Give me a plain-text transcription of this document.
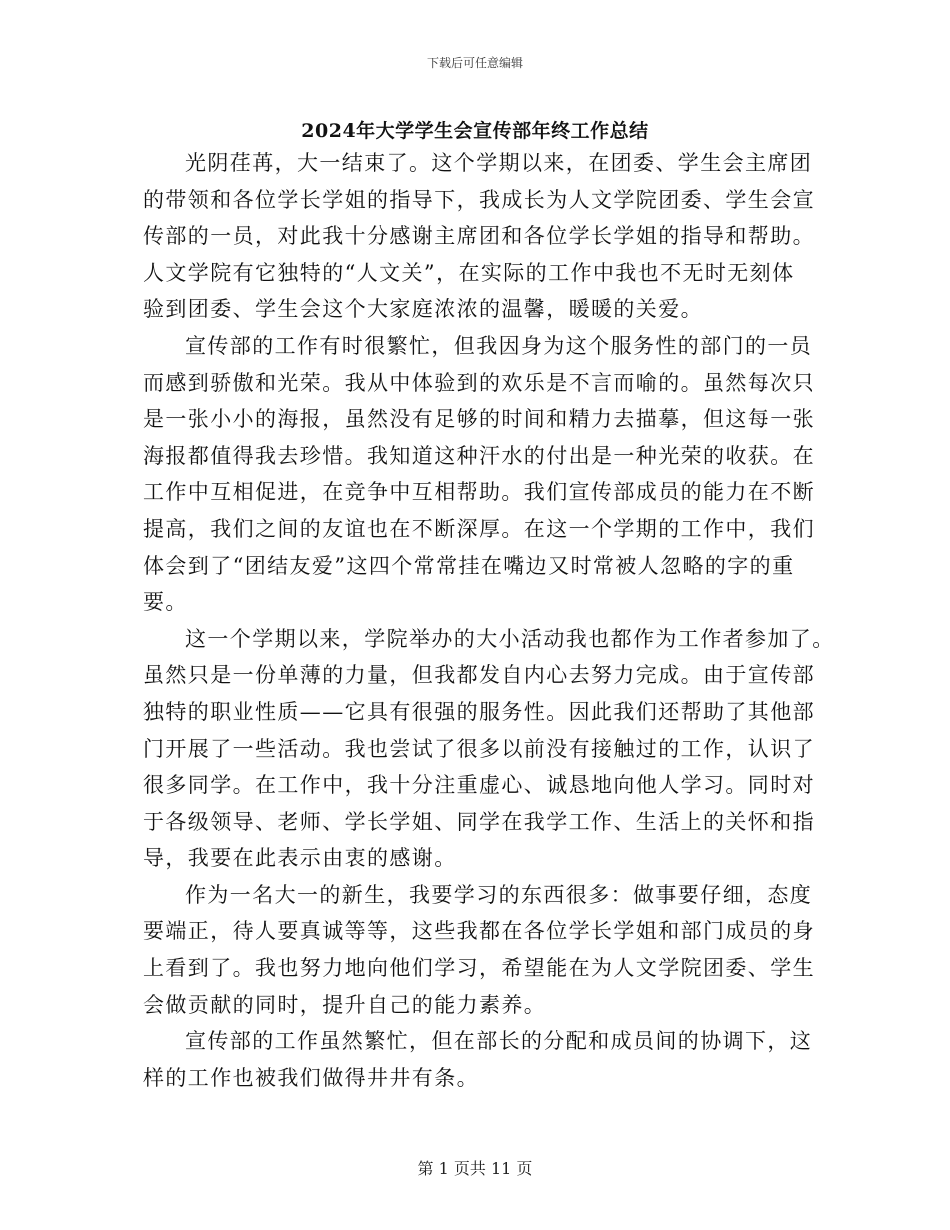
下载后可任意编辑
2024年大学学生会宣传部年终工作总结

光阴荏苒，大一结束了。这个学期以来，在团委、学生会主席团
的带领和各位学长学姐的指导下，我成长为人文学院团委、学生会宣
传部的一员，对此我十分感谢主席团和各位学长学姐的指导和帮助。
人文学院有它独特的“人文关”，在实际的工作中我也不无时无刻体
验到团委、学生会这个大家庭浓浓的温馨，暖暖的关爱。

宣传部的工作有时很繁忙，但我因身为这个服务性的部门的一员
而感到骄傲和光荣。我从中体验到的欢乐是不言而喻的。虽然每次只
是一张小小的海报，虽然没有足够的时间和精力去描摹，但这每一张
海报都值得我去珍惜。我知道这种汗水的付出是一种光荣的收获。在
工作中互相促进，在竞争中互相帮助。我们宣传部成员的能力在不断
提高，我们之间的友谊也在不断深厚。在这一个学期的工作中，我们
体会到了“团结友爱”这四个常常挂在嘴边又时常被人忽略的字的重
要。

这一个学期以来，学院举办的大小活动我也都作为工作者参加了。
虽然只是一份单薄的力量，但我都发自内心去努力完成。由于宣传部
独特的职业性质——它具有很强的服务性。因此我们还帮助了其他部
门开展了一些活动。我也尝试了很多以前没有接触过的工作，认识了
很多同学。在工作中，我十分注重虚心、诚恳地向他人学习。同时对
于各级领导、老师、学长学姐、同学在我学工作、生活上的关怀和指
导，我要在此表示由衷的感谢。

作为一名大一的新生，我要学习的东西很多：做事要仔细，态度
要端正，待人要真诚等等，这些我都在各位学长学姐和部门成员的身
上看到了。我也努力地向他们学习，希望能在为人文学院团委、学生
会做贡献的同时，提升自己的能力素养。

宣传部的工作虽然繁忙，但在部长的分配和成员间的协调下，这
样的工作也被我们做得井井有条。

第 1 页共 11 页
